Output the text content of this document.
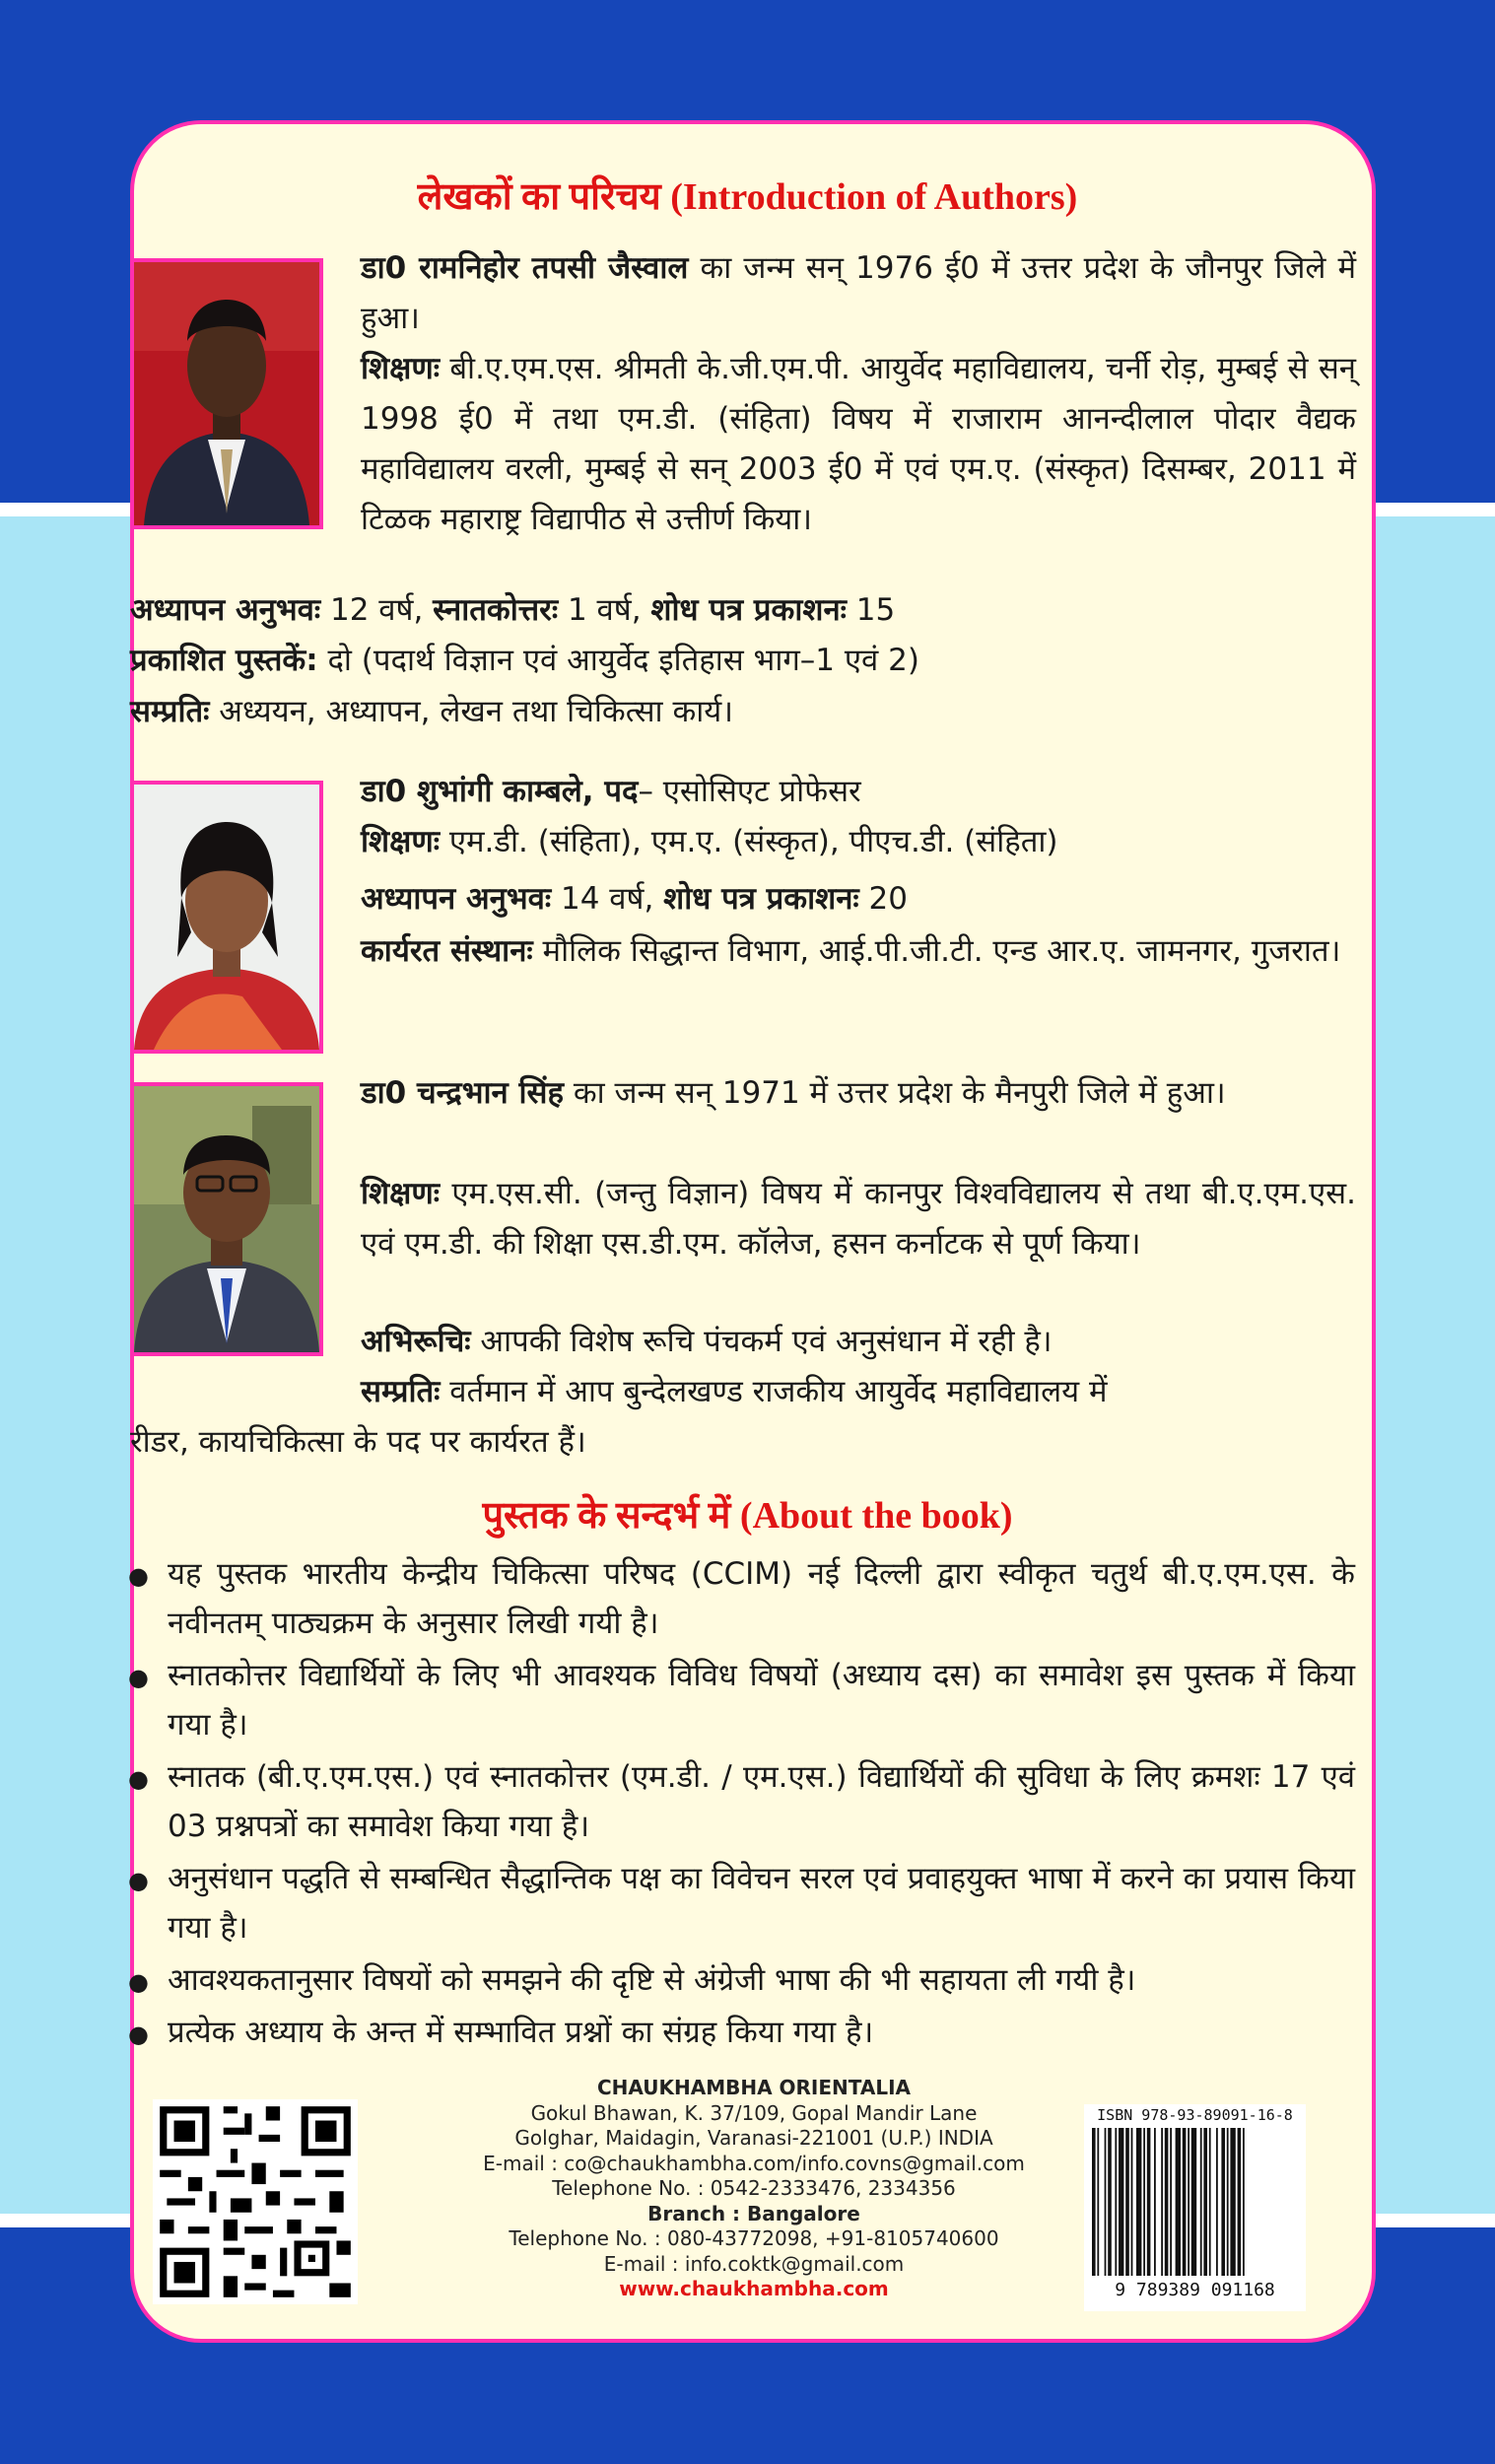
लेखकों का परिचय (Introduction of Authors)
डा0 रामनिहोर तपसी जैस्वाल का जन्म सन् 1976 ई0 में उत्तर प्रदेश के जौनपुर जिले में हुआ।
शिक्षणः बी.ए.एम.एस. श्रीमती के.जी.एम.पी. आयुर्वेद महाविद्यालय, चर्नी रोड़, मुम्बई से सन् 1998 ई0 में तथा एम.डी. (संहिता) विषय में राजाराम आनन्दीलाल पोदार वैद्यक महाविद्यालय वरली, मुम्बई से सन् 2003 ई0 में एवं एम.ए. (संस्कृत) दिसम्बर, 2011 में टिळक महाराष्ट्र विद्यापीठ से उत्तीर्ण किया।
अध्यापन अनुभवः 12 वर्ष, स्नातकोत्तरः 1 वर्ष, शोध पत्र प्रकाशनः 15
प्रकाशित पुस्तकें: दो (पदार्थ विज्ञान एवं आयुर्वेद इतिहास भाग–1 एवं 2)
सम्प्रतिः अध्ययन, अध्यापन, लेखन तथा चिकित्सा कार्य।
डा0 शुभांगी काम्बले, पद– एसोसिएट प्रोफेसर
शिक्षणः एम.डी. (संहिता), एम.ए. (संस्कृत), पीएच.डी. (संहिता)
अध्यापन अनुभवः 14 वर्ष, शोध पत्र प्रकाशनः 20
कार्यरत संस्थानः मौलिक सिद्धान्त विभाग, आई.पी.जी.टी. एन्ड आर.ए. जामनगर, गुजरात।
डा0 चन्द्रभान सिंह का जन्म सन् 1971 में उत्तर प्रदेश के मैनपुरी जिले में हुआ।
शिक्षणः एम.एस.सी. (जन्तु विज्ञान) विषय में कानपुर विश्वविद्यालय से तथा बी.ए.एम.एस. एवं एम.डी. की शिक्षा एस.डी.एम. कॉलेज, हसन कर्नाटक से पूर्ण किया।
अभिरूचिः आपकी विशेष रूचि पंचकर्म एवं अनुसंधान में रही है।
सम्प्रतिः वर्तमान में आप बुन्देलखण्ड राजकीय आयुर्वेद महाविद्यालय में
रीडर, कायचिकित्सा के पद पर कार्यरत हैं।
पुस्तक के सन्दर्भ में (About the book)
● यह पुस्तक भारतीय केन्द्रीय चिकित्सा परिषद (CCIM) नई दिल्ली द्वारा स्वीकृत चतुर्थ बी.ए.एम.एस. के नवीनतम् पाठ्यक्रम के अनुसार लिखी गयी है।
● स्नातकोत्तर विद्यार्थियों के लिए भी आवश्यक विविध विषयों (अध्याय दस) का समावेश इस पुस्तक में किया गया है।
● स्नातक (बी.ए.एम.एस.) एवं स्नातकोत्तर (एम.डी. / एम.एस.) विद्यार्थियों की सुविधा के लिए क्रमशः 17 एवं 03 प्रश्नपत्रों का समावेश किया गया है।
● अनुसंधान पद्धति से सम्बन्धित सैद्धान्तिक पक्ष का विवेचन सरल एवं प्रवाहयुक्त भाषा में करने का प्रयास किया गया है।
● आवश्यकतानुसार विषयों को समझने की दृष्टि से अंग्रेजी भाषा की भी सहायता ली गयी है।
● प्रत्येक अध्याय के अन्त में सम्भावित प्रश्नों का संग्रह किया गया है।
CHAUKHAMBHA ORIENTALIA
Gokul Bhawan, K. 37/109, Gopal Mandir Lane
Golghar, Maidagin, Varanasi-221001 (U.P.) INDIA
E-mail : co@chaukhambha.com/info.covns@gmail.com
Telephone No. : 0542-2333476, 2334356
Branch : Bangalore
Telephone No. : 080-43772098, +91-8105740600
E-mail : info.coktk@gmail.com
www.chaukhambha.com
ISBN 978-93-89091-16-8
9 789389 091168
